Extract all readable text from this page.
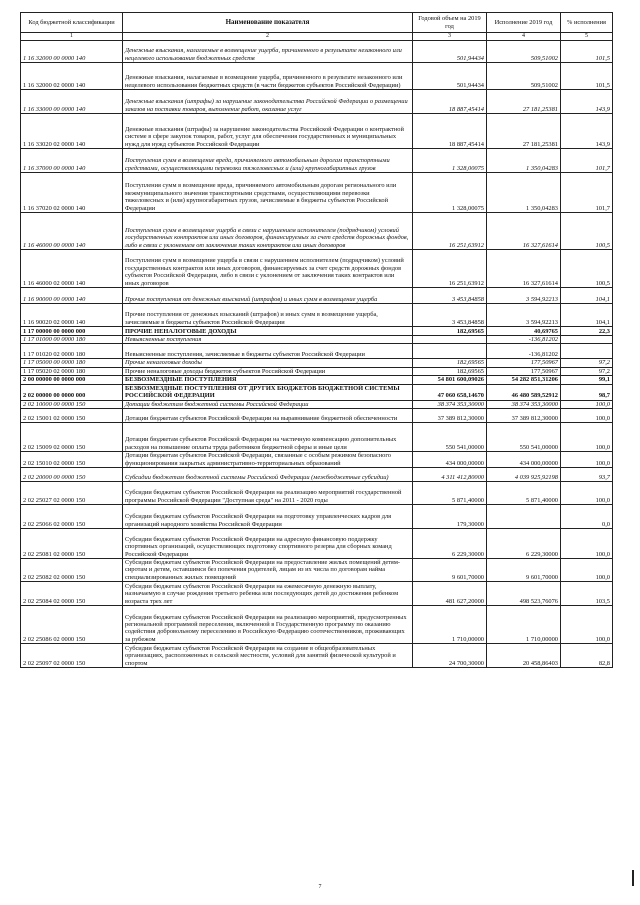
Код бюджетной классификации	Наименование показателя	Годовой объем на 2019 год	Исполнение 2019 год	% исполнения
1	2	3	4	5
1 16 32000 00 0000 140	Денежные взыскания, налагаемые в возмещение ущерба, причиненного в результате незаконного или нецелевого использования бюджетных средств	501,94434	509,51002	101,5
1 16 32000 02 0000 140	Денежные взыскания, налагаемые в возмещение ущерба, причиненного в результате незаконного или нецелевого использования бюджетных средств (в части бюджетов субъектов Российской Федерации)	501,94434	509,51002	101,5
1 16 33000 00 0000 140	Денежные взыскания (штрафы) за нарушение законодательства Российской Федерации о размещении заказов на поставки товаров, выполнение работ, оказание услуг	18 887,45414	27 181,25381	143,9
1 16 33020 02 0000 140	Денежные взыскания (штрафы) за нарушение законодательства Российской Федерации о контрактной системе в сфере закупок товаров, работ, услуг для обеспечения государственных и муниципальных нужд для нужд субъектов Российской Федерации	18 887,45414	27 181,25381	143,9
1 16 37000 00 0000 140	Поступления сумм в возмещение вреда, причиняемого автомобильным дорогам транспортными средствами, осуществляющими перевозки тяжеловесных и (или) крупногабаритных грузов	1 328,00075	1 350,04283	101,7
1 16 37020 02 0000 140	Поступления сумм в возмещение вреда, причиняемого автомобильным дорогам регионального или межмуниципального значения транспортными средствами, осуществляющими перевозки тяжеловесных и (или) крупногабаритных грузов, зачисляемые в бюджеты субъектов Российской Федерации	1 328,00075	1 350,04283	101,7
1 16 46000 00 0000 140	Поступления сумм в возмещение ущерба в связи с нарушением исполнителем (подрядчиком) условий государственных контрактов или иных договоров, финансируемых за счет средств дорожных фондов, либо в связи с уклонением от заключения таких контрактов или иных договоров	16 251,63912	16 327,61614	100,5
1 16 46000 02 0000 140	Поступления сумм в возмещение ущерба в связи с нарушением исполнителем (подрядчиком) условий государственных контрактов или иных договоров, финансируемых за счет средств дорожных фондов субъектов Российской Федерации, либо в связи с уклонением от заключения таких контрактов или иных договоров	16 251,63912	16 327,61614	100,5
1 16 90000 00 0000 140	Прочие поступления от денежных взысканий (штрафов) и иных сумм в возмещение ущерба	3 453,84858	3 594,92213	104,1
1 16 90020 02 0000 140	Прочие поступления от денежных взысканий (штрафов) и иных сумм в возмещение ущерба, зачисляемые в бюджеты субъектов Российской Федерации	3 453,84858	3 594,92213	104,1
1 17 00000 00 0000 000	ПРОЧИЕ НЕНАЛОГОВЫЕ ДОХОДЫ	182,69565	40,69765	22,3
1 17 01000 00 0000 180	Невыясненные поступления		-136,81202	
1 17 01020 02 0000 180	Невыясненные поступления, зачисляемые в бюджеты субъектов Российской Федерации		-136,81202	
1 17 05000 00 0000 180	Прочие неналоговые доходы	182,69565	177,50967	97,2
1 17 05020 02 0000 180	Прочие неналоговые доходы бюджетов субъектов Российской Федерации	182,69565	177,50967	97,2
2 00 00000 00 0000 000	БЕЗВОЗМЕЗДНЫЕ ПОСТУПЛЕНИЯ	54 801 600,09026	54 282 851,31206	99,1
2 02 00000 00 0000 000	БЕЗВОЗМЕЗДНЫЕ ПОСТУПЛЕНИЯ ОТ ДРУГИХ БЮДЖЕТОВ БЮДЖЕТНОЙ СИСТЕМЫ РОССИЙСКОЙ ФЕДЕРАЦИИ	47 060 658,14670	46 480 589,52912	98,7
2 02 10000 00 0000 150	Дотации бюджетам бюджетной системы Российской Федерации	38 374 353,30000	38 374 353,30000	100,0
2 02 15001 02 0000 150	Дотации бюджетам субъектов Российской Федерации на выравнивание бюджетной обеспеченности	37 389 812,30000	37 389 812,30000	100,0
2 02 15009 02 0000 150	Дотации бюджетам субъектов Российской Федерации на частичную компенсацию дополнительных расходов на повышение оплаты труда работников бюджетной сферы и иные цели	550 541,00000	550 541,00000	100,0
2 02 15010 02 0000 150	Дотации бюджетам субъектов Российской Федерации, связанные с особым режимом безопасного функционирования закрытых административно-территориальных образований	434 000,00000	434 000,00000	100,0
2 02 20000 00 0000 150	Субсидии бюджетам бюджетной системы Российской Федерации (межбюджетные субсидии)	4 311 412,80000	4 039 925,92198	93,7
2 02 25027 02 0000 150	Субсидии бюджетам субъектов Российской Федерации на реализацию мероприятий государственной программы Российской Федерации "Доступная среда" на 2011 - 2020 годы	5 871,40000	5 871,40000	100,0
2 02 25066 02 0000 150	Субсидии бюджетам субъектов Российской Федерации на подготовку управленческих кадров для организаций народного хозяйства Российской Федерации	179,30000		0,0
2 02 25081 02 0000 150	Субсидии бюджетам субъектов Российской Федерации на адресную финансовую поддержку спортивных организаций, осуществляющих подготовку спортивного резерва для сборных команд Российской Федерации	6 229,30000	6 229,30000	100,0
2 02 25082 02 0000 150	Субсидии бюджетам субъектов Российской Федерации на предоставление жилых помещений детям-сиротам и детям, оставшимся без попечения родителей, лицам из их числа по договорам найма специализированных жилых помещений	9 601,70000	9 601,70000	100,0
2 02 25084 02 0000 150	Субсидии бюджетам субъектов Российской Федерации на ежемесячную денежную выплату, назначаемую в случае рождения третьего ребенка или последующих детей до достижения ребенком возраста трех лет	481 627,20000	498 523,76076	103,5
2 02 25086 02 0000 150	Субсидии бюджетам субъектов Российской Федерации на реализацию мероприятий, предусмотренных региональной программой переселения, включенной в Государственную программу по оказанию содействия добровольному переселению в Российскую Федерацию соотечественников, проживающих за рубежом	1 710,00000	1 710,00000	100,0
2 02 25097 02 0000 150	Субсидии бюджетам субъектов Российской Федерации на создание в общеобразовательных организациях, расположенных в сельской местности, условий для занятий физической культурой и спортом	24 700,30000	20 458,86403	82,8
7
